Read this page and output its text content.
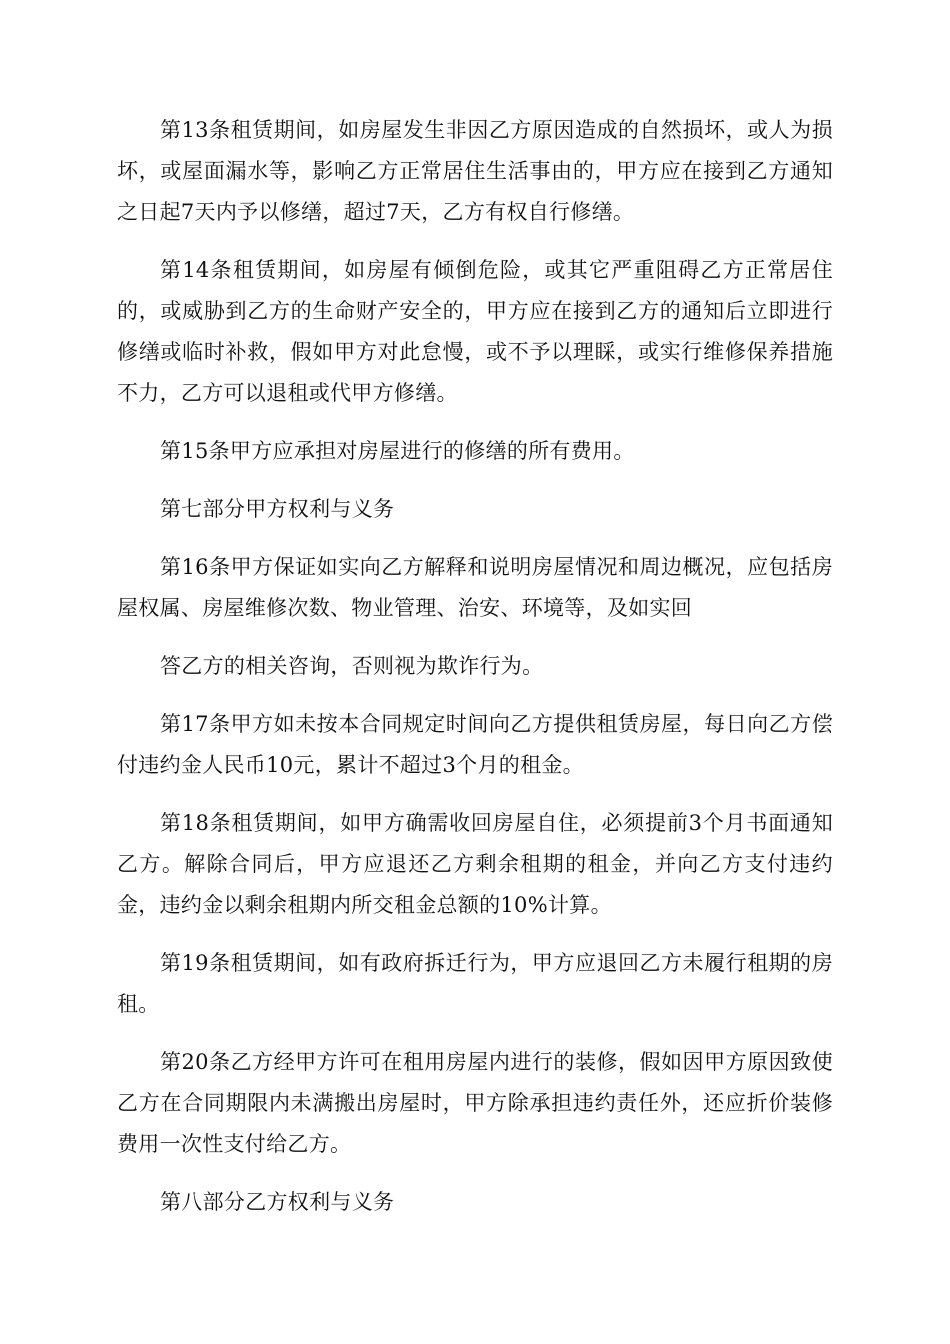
第13条租赁期间，如房屋发生非因乙方原因造成的自然损坏，或人为损坏，或屋面漏水等，影响乙方正常居住生活事由的，甲方应在接到乙方通知之日起7天内予以修缮，超过7天，乙方有权自行修缮。

第14条租赁期间，如房屋有倾倒危险，或其它严重阻碍乙方正常居住的，或威胁到乙方的生命财产安全的，甲方应在接到乙方的通知后立即进行修缮或临时补救，假如甲方对此怠慢，或不予以理睬，或实行维修保养措施不力，乙方可以退租或代甲方修缮。

第15条甲方应承担对房屋进行的修缮的所有费用。

第七部分甲方权利与义务

第16条甲方保证如实向乙方解释和说明房屋情况和周边概况，应包括房屋权属、房屋维修次数、物业管理、治安、环境等，及如实回

答乙方的相关咨询，否则视为欺诈行为。

第17条甲方如未按本合同规定时间向乙方提供租赁房屋，每日向乙方偿付违约金人民币10元，累计不超过3个月的租金。

第18条租赁期间，如甲方确需收回房屋自住，必须提前3个月书面通知乙方。解除合同后，甲方应退还乙方剩余租期的租金，并向乙方支付违约金，违约金以剩余租期内所交租金总额的10%计算。

第19条租赁期间，如有政府拆迁行为，甲方应退回乙方未履行租期的房租。

第20条乙方经甲方许可在租用房屋内进行的装修，假如因甲方原因致使乙方在合同期限内未满搬出房屋时，甲方除承担违约责任外，还应折价装修费用一次性支付给乙方。

第八部分乙方权利与义务
